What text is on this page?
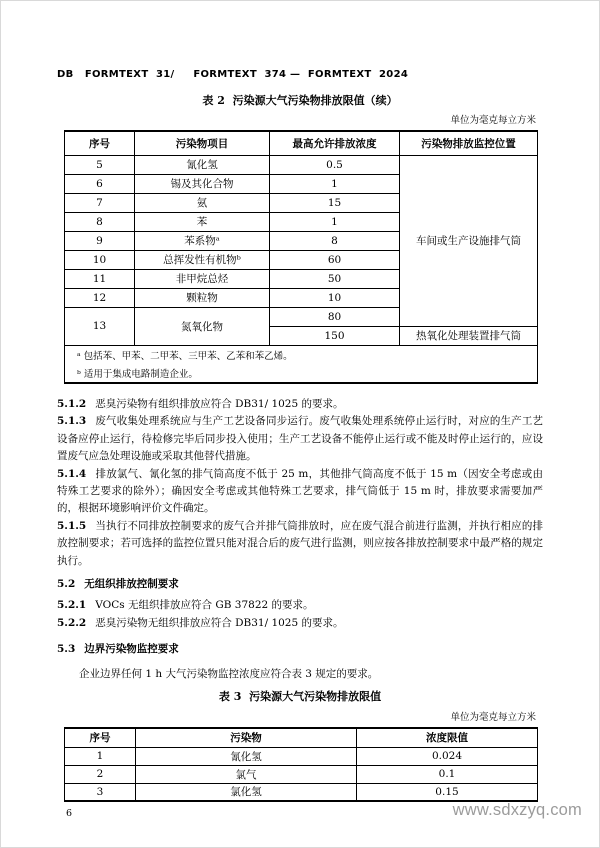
DB   FORMTEXT  31/     FORMTEXT  374 —  FORMTEXT  2024
表 2  污染源大气污染物排放限值（续）
单位为毫克每立方米
序号	污染物项目	最高允许排放浓度	污染物排放监控位置
5	氰化氢	0.5	车间或生产设施排气筒
6	锡及其化合物	1	
7	氨	15	
8	苯	1	
9	苯系物ᵃ	8	
10	总挥发性有机物ᵇ	60	
11	非甲烷总烃	50	
12	颗粒物	10	
13	氮氧化物	80	
		150	热氧化处理装置排气筒
ᵃ 包括苯、甲苯、二甲苯、三甲苯、乙苯和苯乙烯。			
ᵇ 适用于集成电路制造企业。			

5.1.2 恶臭污染物有组织排放应符合 DB31/ 1025 的要求。

5.1.3 废气收集处理系统应与生产工艺设备同步运行。废气收集处理系统停止运行时，对应的生产工艺设备应停止运行，待检修完毕后同步投入使用；生产工艺设备不能停止运行或不能及时停止运行的，应设置废气应急处理设施或采取其他替代措施。

5.1.4 排放氯气、氰化氢的排气筒高度不低于 25 m，其他排气筒高度不低于 15 m（因安全考虑或由特殊工艺要求的除外）；确因安全考虑或其他特殊工艺要求，排气筒低于 15 m 时，排放要求需要加严的，根据环境影响评价文件确定。

5.1.5 当执行不同排放控制要求的废气合并排气筒排放时，应在废气混合前进行监测，并执行相应的排放控制要求；若可选择的监控位置只能对混合后的废气进行监测，则应按各排放控制要求中最严格的规定执行。

5.2 无组织排放控制要求

5.2.1 VOCs 无组织排放应符合 GB 37822 的要求。

5.2.2 恶臭污染物无组织排放应符合 DB31/ 1025 的要求。

5.3 边界污染物监控要求

企业边界任何 1 h 大气污染物监控浓度应符合表 3 规定的要求。

表 3  污染源大气污染物排放限值
单位为毫克每立方米
序号	污染物	浓度限值
1	氰化氢	0.024
2	氯气	0.1
3	氯化氢	0.15
6	www.sdxzyq.com
